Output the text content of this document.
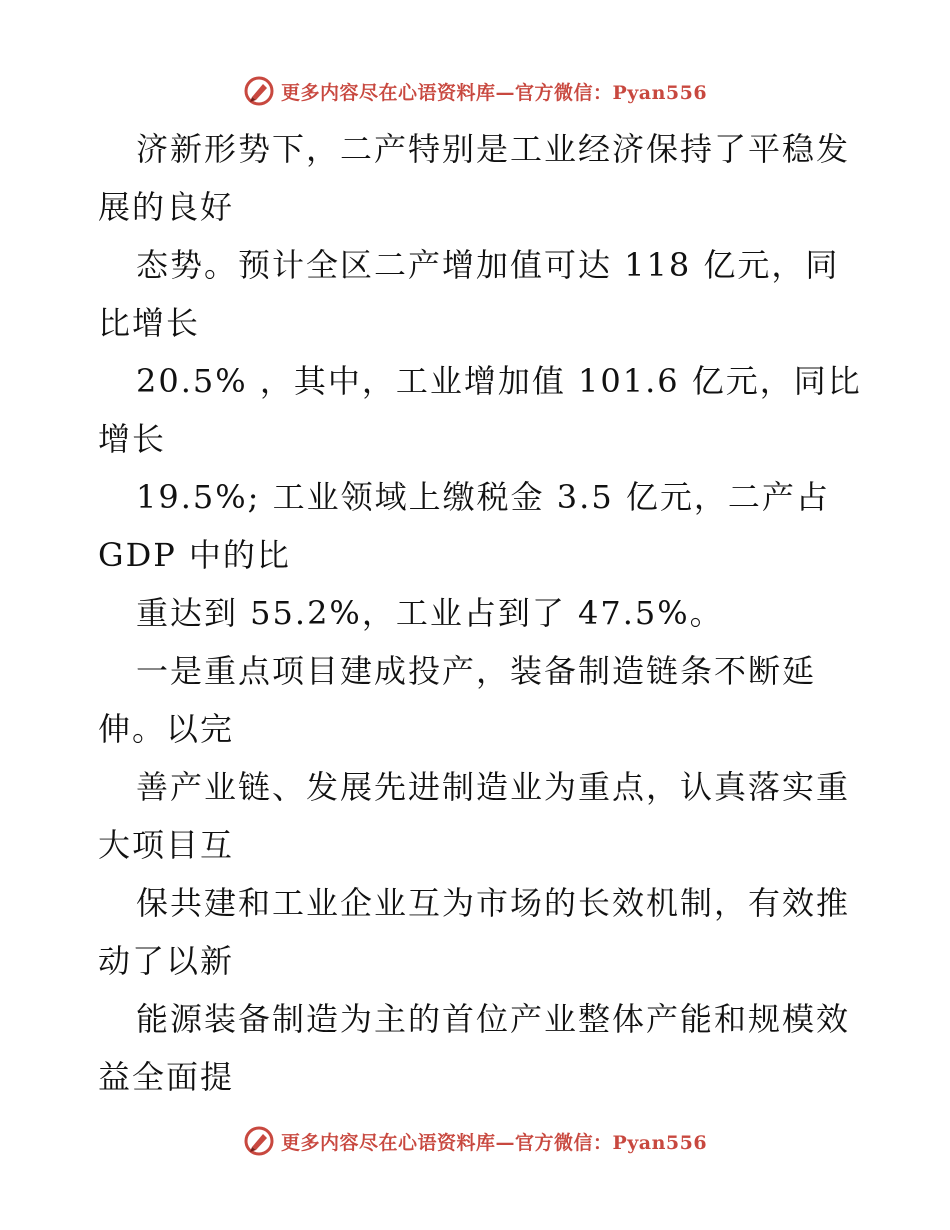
更多内容尽在心语资料库—官方微信：Pyan556
济新形势下，二产特别是工业经济保持了平稳发
展的良好
态势。预计全区二产增加值可达 118 亿元，同
比增长
20.5% ，其中，工业增加值 101.6 亿元，同比
增长
19.5%; 工业领域上缴税金 3.5 亿元，二产占
GDP 中的比
重达到 55.2%，工业占到了 47.5%。
一是重点项目建成投产，装备制造链条不断延
伸。以完
善产业链、发展先进制造业为重点，认真落实重
大项目互
保共建和工业企业互为市场的长效机制，有效推
动了以新
能源装备制造为主的首位产业整体产能和规模效
益全面提
更多内容尽在心语资料库—官方微信：Pyan556
